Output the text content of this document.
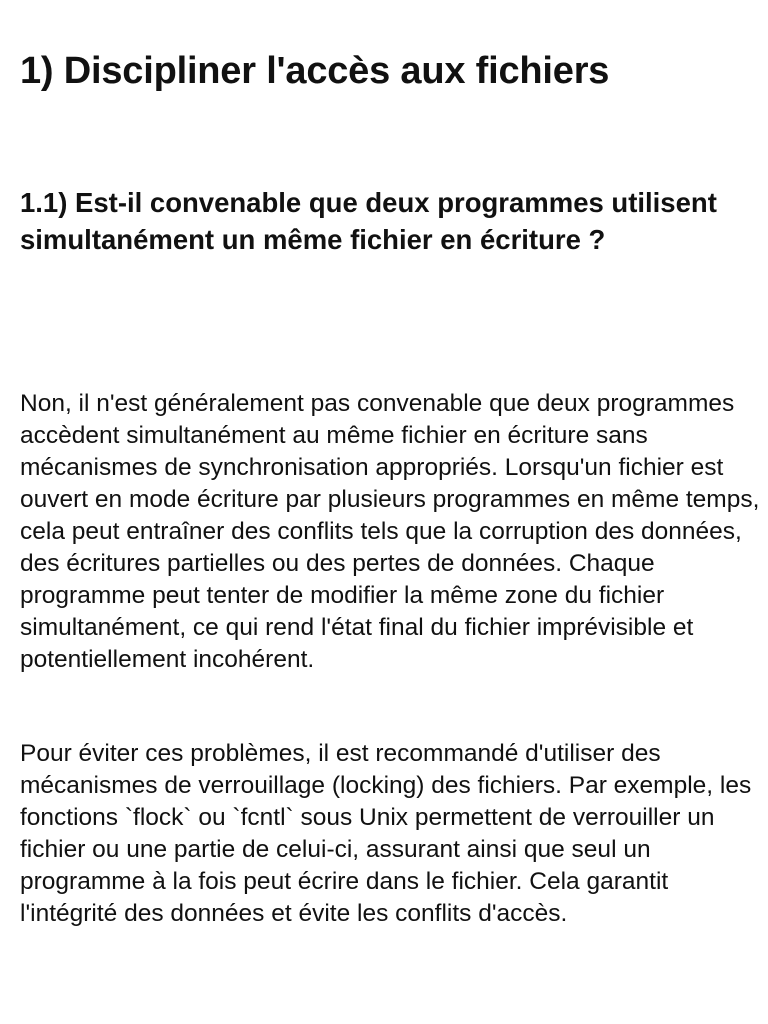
1) Discipliner l'accès aux fichiers
1.1) Est-il convenable que deux programmes utilisent simultanément un même fichier en écriture ?

Non, il n'est généralement pas convenable que deux programmes accèdent simultanément au même fichier en écriture sans mécanismes de synchronisation appropriés. Lorsqu'un fichier est ouvert en mode écriture par plusieurs programmes en même temps, cela peut entraîner des conflits tels que la corruption des données, des écritures partielles ou des pertes de données. Chaque programme peut tenter de modifier la même zone du fichier simultanément, ce qui rend l'état final du fichier imprévisible et potentiellement incohérent.

Pour éviter ces problèmes, il est recommandé d'utiliser des mécanismes de verrouillage (locking) des fichiers. Par exemple, les fonctions `flock` ou `fcntl` sous Unix permettent de verrouiller un fichier ou une partie de celui-ci, assurant ainsi que seul un programme à la fois peut écrire dans le fichier. Cela garantit l'intégrité des données et évite les conflits d'accès.
